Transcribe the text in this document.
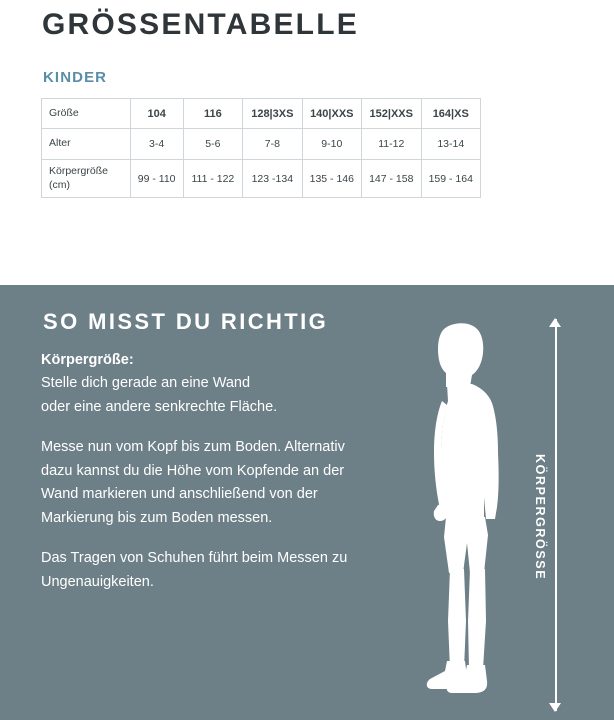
GRÖSSENTABELLE
KINDER
Größe	104	116	128|3XS	140|XXS	152|XXS	164|XS
Alter	3-4	5-6	7-8	9-10	11-12	13-14
Körpergröße
(cm)	99 - 110	111 - 122	123 -134	135 - 146	147 - 158	159 - 164
SO MISST DU RICHTIG

Körpergröße:
Stelle dich gerade an eine Wand
oder eine andere senkrechte Fläche.

Messe nun vom Kopf bis zum Boden. Alternativ dazu kannst du die Höhe vom Kopfende an der Wand markieren und anschließend von der Markierung bis zum Boden messen.

Das Tragen von Schuhen führt beim Messen zu Ungenauigkeiten.

KÖRPERGRÖSSE
